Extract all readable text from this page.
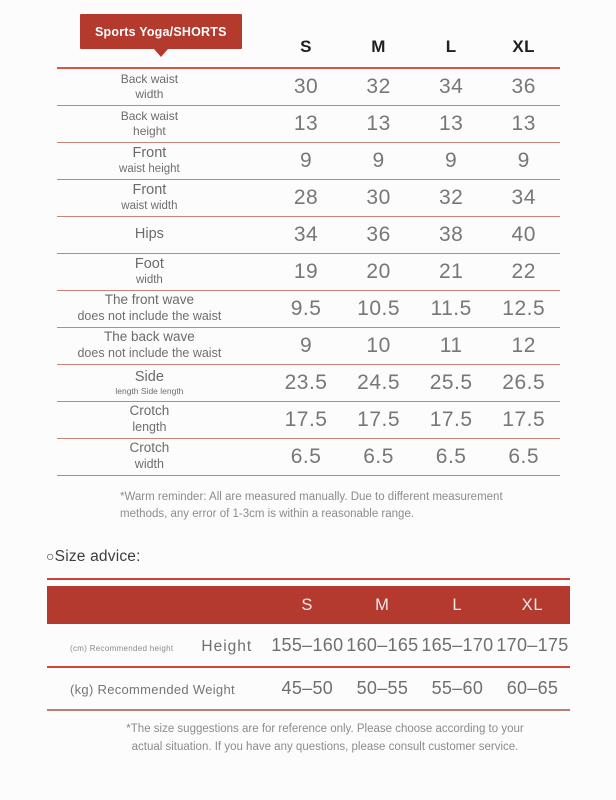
Sports Yoga/SHORTS
	S	M	L	XL

Back waist
width	30	32	34	36

Back waist
height	13	13	13	13

Front
waist height	9	9	9	9

Front
waist width	28	30	32	34

Hips	34	36	38	40

Foot
width	19	20	21	22

The front wave
does not include the waist	9.5	10.5	11.5	12.5

The back wave
does not include the waist	9	10	11	12

Side
length Side length	23.5	24.5	25.5	26.5

Crotch
length	17.5	17.5	17.5	17.5

Crotch
width	6.5	6.5	6.5	6.5

*Warm reminder: All are measured manually. Due to different measurement methods, any error of 1-3cm is within a reasonable range.

○Size advice:
	S	M	L	XL
(cm) Recommended height Height	155–160	160–165	165–170	170–175
(kg) Recommended Weight	45–50	50–55	55–60	60–65

*The size suggestions are for reference only. Please choose according to your actual situation. If you have any questions, please consult customer service.
